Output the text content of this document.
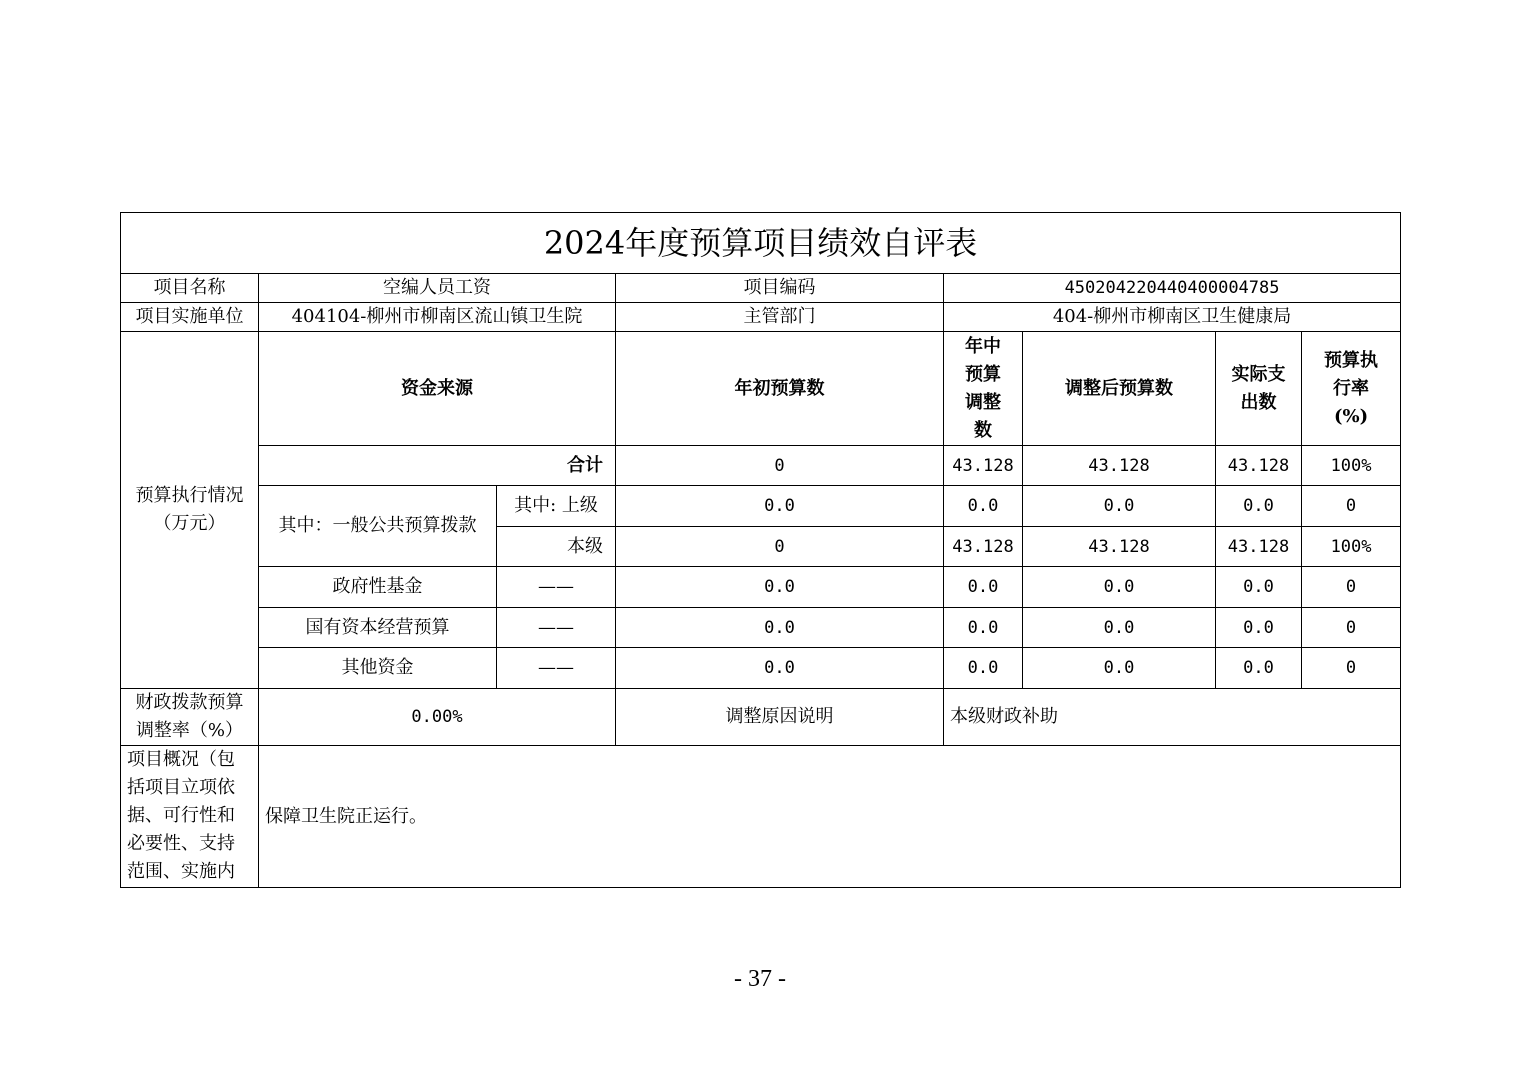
2024年度预算项目绩效自评表							
项目名称	空编人员工资		项目编码	450204220440400004785			
项目实施单位	404104-柳州市柳南区流山镇卫生院		主管部门	404-柳州市柳南区卫生健康局			
预算执行情况（万元）	资金来源		年初预算数	年中预算调整数	调整后预算数	实际支出数	预算执行率(%)
	合计		0	43.128	43.128	43.128	100%
	其中：一般公共预算拨款	其中: 上级	0.0	0.0	0.0	0.0	0
		本级	0	43.128	43.128	43.128	100%
	政府性基金	——	0.0	0.0	0.0	0.0	0
	国有资本经营预算	——	0.0	0.0	0.0	0.0	0
	其他资金	——	0.0	0.0	0.0	0.0	0
财政拨款预算调整率（%）	0.00%		调整原因说明	本级财政补助			
项目概况（包括项目立项依据、可行性和必要性、支持范围、实施内	保障卫生院正运行。						
- 37 -
